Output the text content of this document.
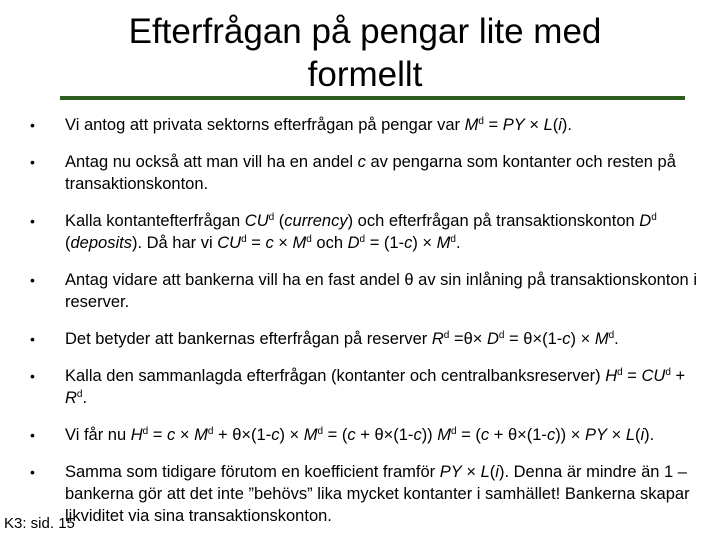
Efterfrågan på pengar lite med
formellt
• Vi antog att privata sektorns efterfrågan på pengar var $M^d$ = PY × L(i).
• Antag nu också att man vill ha en andel c av pengarna som kontanter och resten på transaktionskonton.
• Kalla kontantefterfrågan $CU^d$ (currency) och efterfrågan på transaktionskonton $D^d$ (deposits). Då har vi $CU^d = c \times M^d$ och $D^d = (1-c) \times M^d$.
• Antag vidare att bankerna vill ha en fast andel θ av sin inlåning på transaktionskonton i reserver.
• Det betyder att bankernas efterfrågan på reserver $R^d =\theta\times D^d = \theta\times(1-c) \times M^d$.
• Kalla den sammanlagda efterfrågan (kontanter och centralbanksreserver) $H^d = CU^d + R^d$.
• Vi får nu $H^d = c \times M^d + \theta\times(1-c) \times M^d = (c + \theta\times(1-c)) M^d = (c + \theta\times(1-c))$ × PY × L(i).
• Samma som tidigare förutom en koefficient framför PY × L(i). Denna är mindre än 1 – bankerna gör att det inte ”behövs” lika mycket kontanter i samhället! Bankerna skapar likviditet via sina transaktionskonton.
K3: sid. 15
